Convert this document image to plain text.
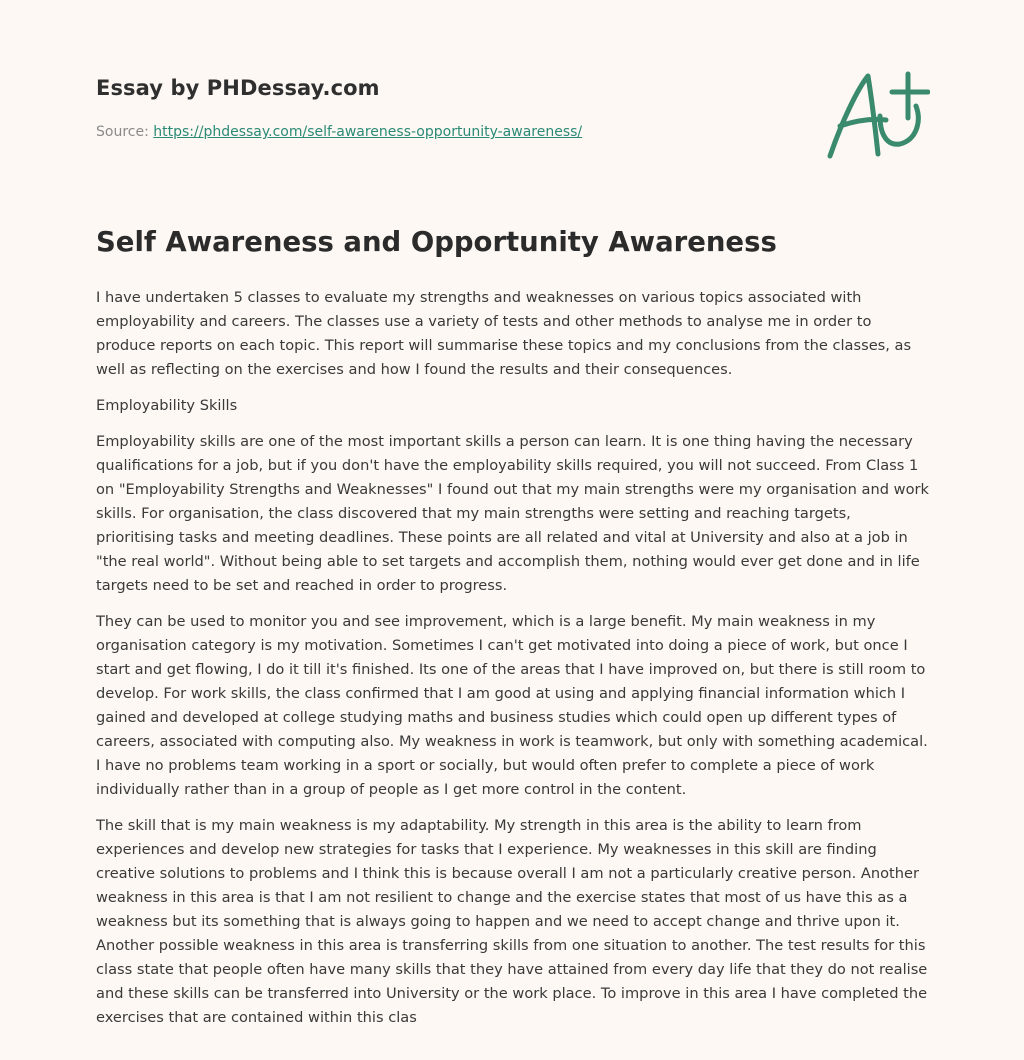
Essay by PHDessay.com
Source: https://phdessay.com/self-awareness-opportunity-awareness/
Self Awareness and Opportunity Awareness

I have undertaken 5 classes to evaluate my strengths and weaknesses on various topics associated with employability and careers. The classes use a variety of tests and other methods to analyse me in order to produce reports on each topic. This report will summarise these topics and my conclusions from the classes, as well as reflecting on the exercises and how I found the results and their consequences.

Employability Skills

Employability skills are one of the most important skills a person can learn. It is one thing having the necessary qualifications for a job, but if you don't have the employability skills required, you will not succeed. From Class 1 on "Employability Strengths and Weaknesses" I found out that my main strengths were my organisation and work skills. For organisation, the class discovered that my main strengths were setting and reaching targets, prioritising tasks and meeting deadlines. These points are all related and vital at University and also at a job in "the real world". Without being able to set targets and accomplish them, nothing would ever get done and in life targets need to be set and reached in order to progress.

They can be used to monitor you and see improvement, which is a large benefit. My main weakness in my organisation category is my motivation. Sometimes I can't get motivated into doing a piece of work, but once I start and get flowing, I do it till it's finished. Its one of the areas that I have improved on, but there is still room to develop. For work skills, the class confirmed that I am good at using and applying financial information which I gained and developed at college studying maths and business studies which could open up different types of careers, associated with computing also. My weakness in work is teamwork, but only with something academical. I have no problems team working in a sport or socially, but would often prefer to complete a piece of work individually rather than in a group of people as I get more control in the content.

The skill that is my main weakness is my adaptability. My strength in this area is the ability to learn from experiences and develop new strategies for tasks that I experience. My weaknesses in this skill are finding creative solutions to problems and I think this is because overall I am not a particularly creative person. Another weakness in this area is that I am not resilient to change and the exercise states that most of us have this as a weakness but its something that is always going to happen and we need to accept change and thrive upon it. Another possible weakness in this area is transferring skills from one situation to another. The test results for this class state that people often have many skills that they have attained from every day life that they do not realise and these skills can be transferred into University or the work place. To improve in this area I have completed the exercises that are contained within this clas
